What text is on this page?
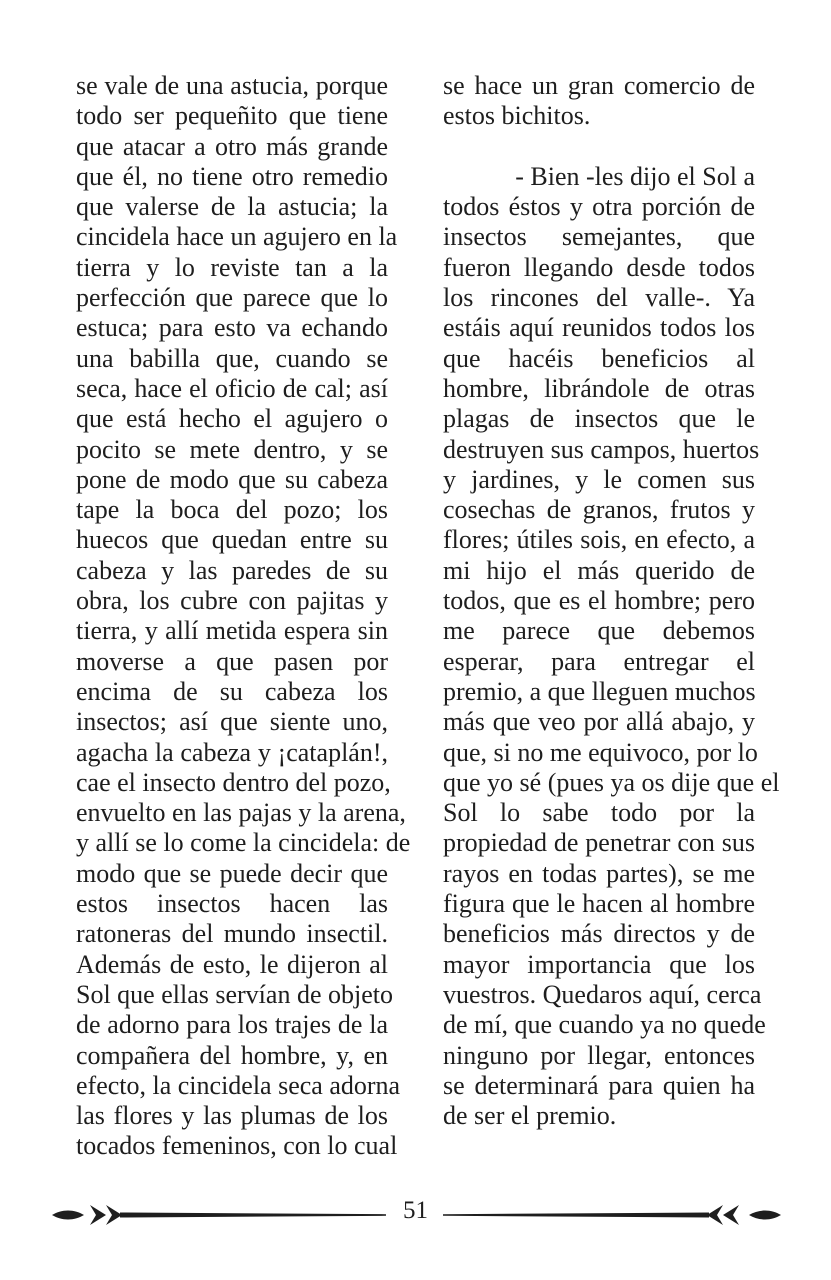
se vale de una astucia, porque
todo ser pequeñito que tiene
que atacar a otro más grande
que él, no tiene otro remedio
que valerse de la astucia; la
cincidela hace un agujero en la
tierra y lo reviste tan a la
perfección que parece que lo
estuca; para esto va echando
una babilla que, cuando se
seca, hace el oficio de cal; así
que está hecho el agujero o
pocito se mete dentro, y se
pone de modo que su cabeza
tape la boca del pozo; los
huecos que quedan entre su
cabeza y las paredes de su
obra, los cubre con pajitas y
tierra, y allí metida espera sin
moverse a que pasen por
encima de su cabeza los
insectos; así que siente uno,
agacha la cabeza y ¡cataplán!,
cae el insecto dentro del pozo,
envuelto en las pajas y la arena,
y allí se lo come la cincidela: de
modo que se puede decir que
estos insectos hacen las
ratoneras del mundo insectil.
Además de esto, le dijeron al
Sol que ellas servían de objeto
de adorno para los trajes de la
compañera del hombre, y, en
efecto, la cincidela seca adorna
las flores y las plumas de los
tocados femeninos, con lo cual
se hace un gran comercio de
estos bichitos.
- Bien -les dijo el Sol a
todos éstos y otra porción de
insectos semejantes, que
fueron llegando desde todos
los rincones del valle-. Ya
estáis aquí reunidos todos los
que hacéis beneficios al
hombre, librándole de otras
plagas de insectos que le
destruyen sus campos, huertos
y jardines, y le comen sus
cosechas de granos, frutos y
flores; útiles sois, en efecto, a
mi hijo el más querido de
todos, que es el hombre; pero
me parece que debemos
esperar, para entregar el
premio, a que lleguen muchos
más que veo por allá abajo, y
que, si no me equivoco, por lo
que yo sé (pues ya os dije que el
Sol lo sabe todo por la
propiedad de penetrar con sus
rayos en todas partes), se me
figura que le hacen al hombre
beneficios más directos y de
mayor importancia que los
vuestros. Quedaros aquí, cerca
de mí, que cuando ya no quede
ninguno por llegar, entonces
se determinará para quien ha
de ser el premio.
51
